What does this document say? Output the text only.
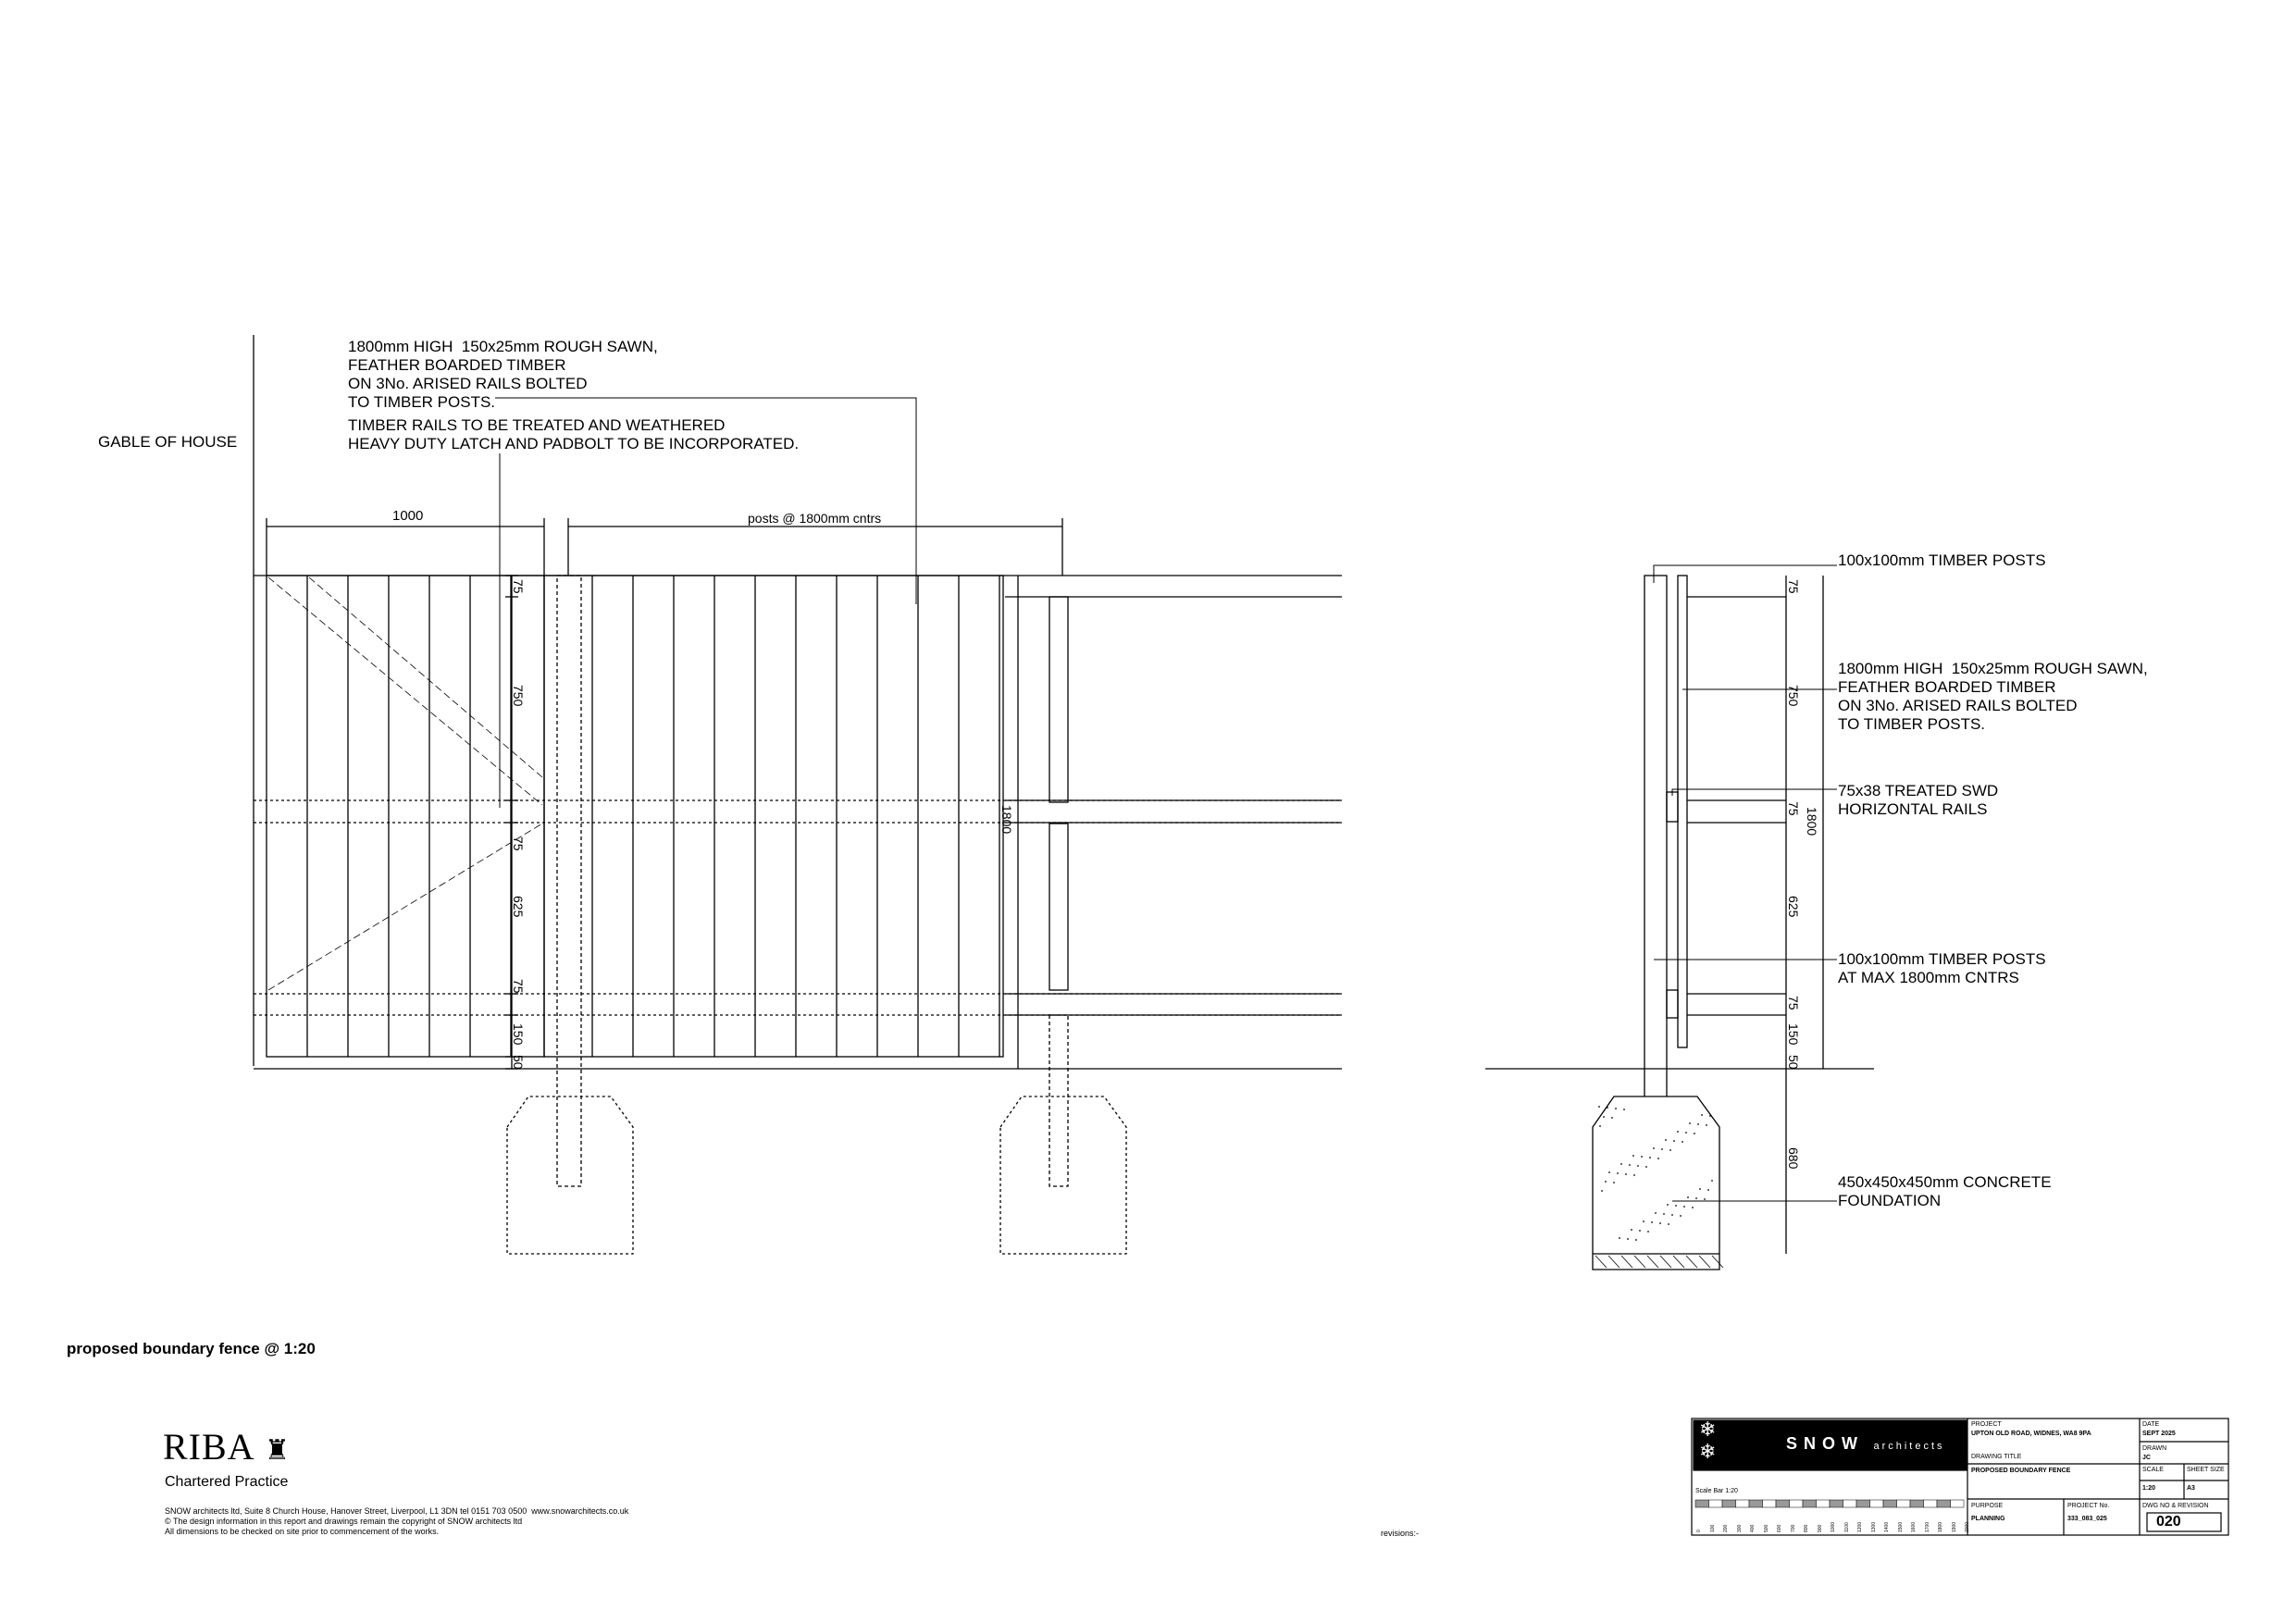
GABLE OF HOUSE
1800mm HIGH  150x25mm ROUGH SAWN,
FEATHER BOARDED TIMBER
ON 3No. ARISED RAILS BOLTED
TO TIMBER POSTS.
TIMBER RAILS TO BE TREATED AND WEATHERED
HEAVY DUTY LATCH AND PADBOLT TO BE INCORPORATED.
1000	posts @ 1800mm cntrs
1800
75
750
75
625
75
150
50
100x100mm TIMBER POSTS
1800mm HIGH  150x25mm ROUGH SAWN,
FEATHER BOARDED TIMBER
ON 3No. ARISED RAILS BOLTED
TO TIMBER POSTS.
75x38 TREATED SWD
HORIZONTAL RAILS
100x100mm TIMBER POSTS
AT MAX 1800mm CNTRS
450x450x450mm CONCRETE
FOUNDATION
1800
75
750
75
625
75
150
50
680
proposed boundary fence @ 1:20
RIBA ♜
Chartered Practice
SNOW architects ltd, Suite 8 Church House, Hanover Street, Liverpool, L1 3DN tel 0151 703 0500  www.snowarchitects.co.uk
© The design information in this report and drawings remain the copyright of SNOW architects ltd
All dimensions to be checked on site prior to commencement of the works.	revisions:-
SNOW architects
❄
❄
Scale Bar 1:20
PROJECT
UPTON OLD ROAD, WIDNES, WA8 9PA
DATE
SEPT 2025
DRAWING TITLE
PROPOSED BOUNDARY FENCE
DRAWN
JC
SCALE
1:20
SHEET SIZE
A3
PURPOSE
PLANNING
PROJECT No.
333_083_025
DWG NO & REVISION
020
0 100 200 300 400 500 600 700 800 900 1000 1100 1200 1300 1400 1500 1600 1700 1800 1900 2000
